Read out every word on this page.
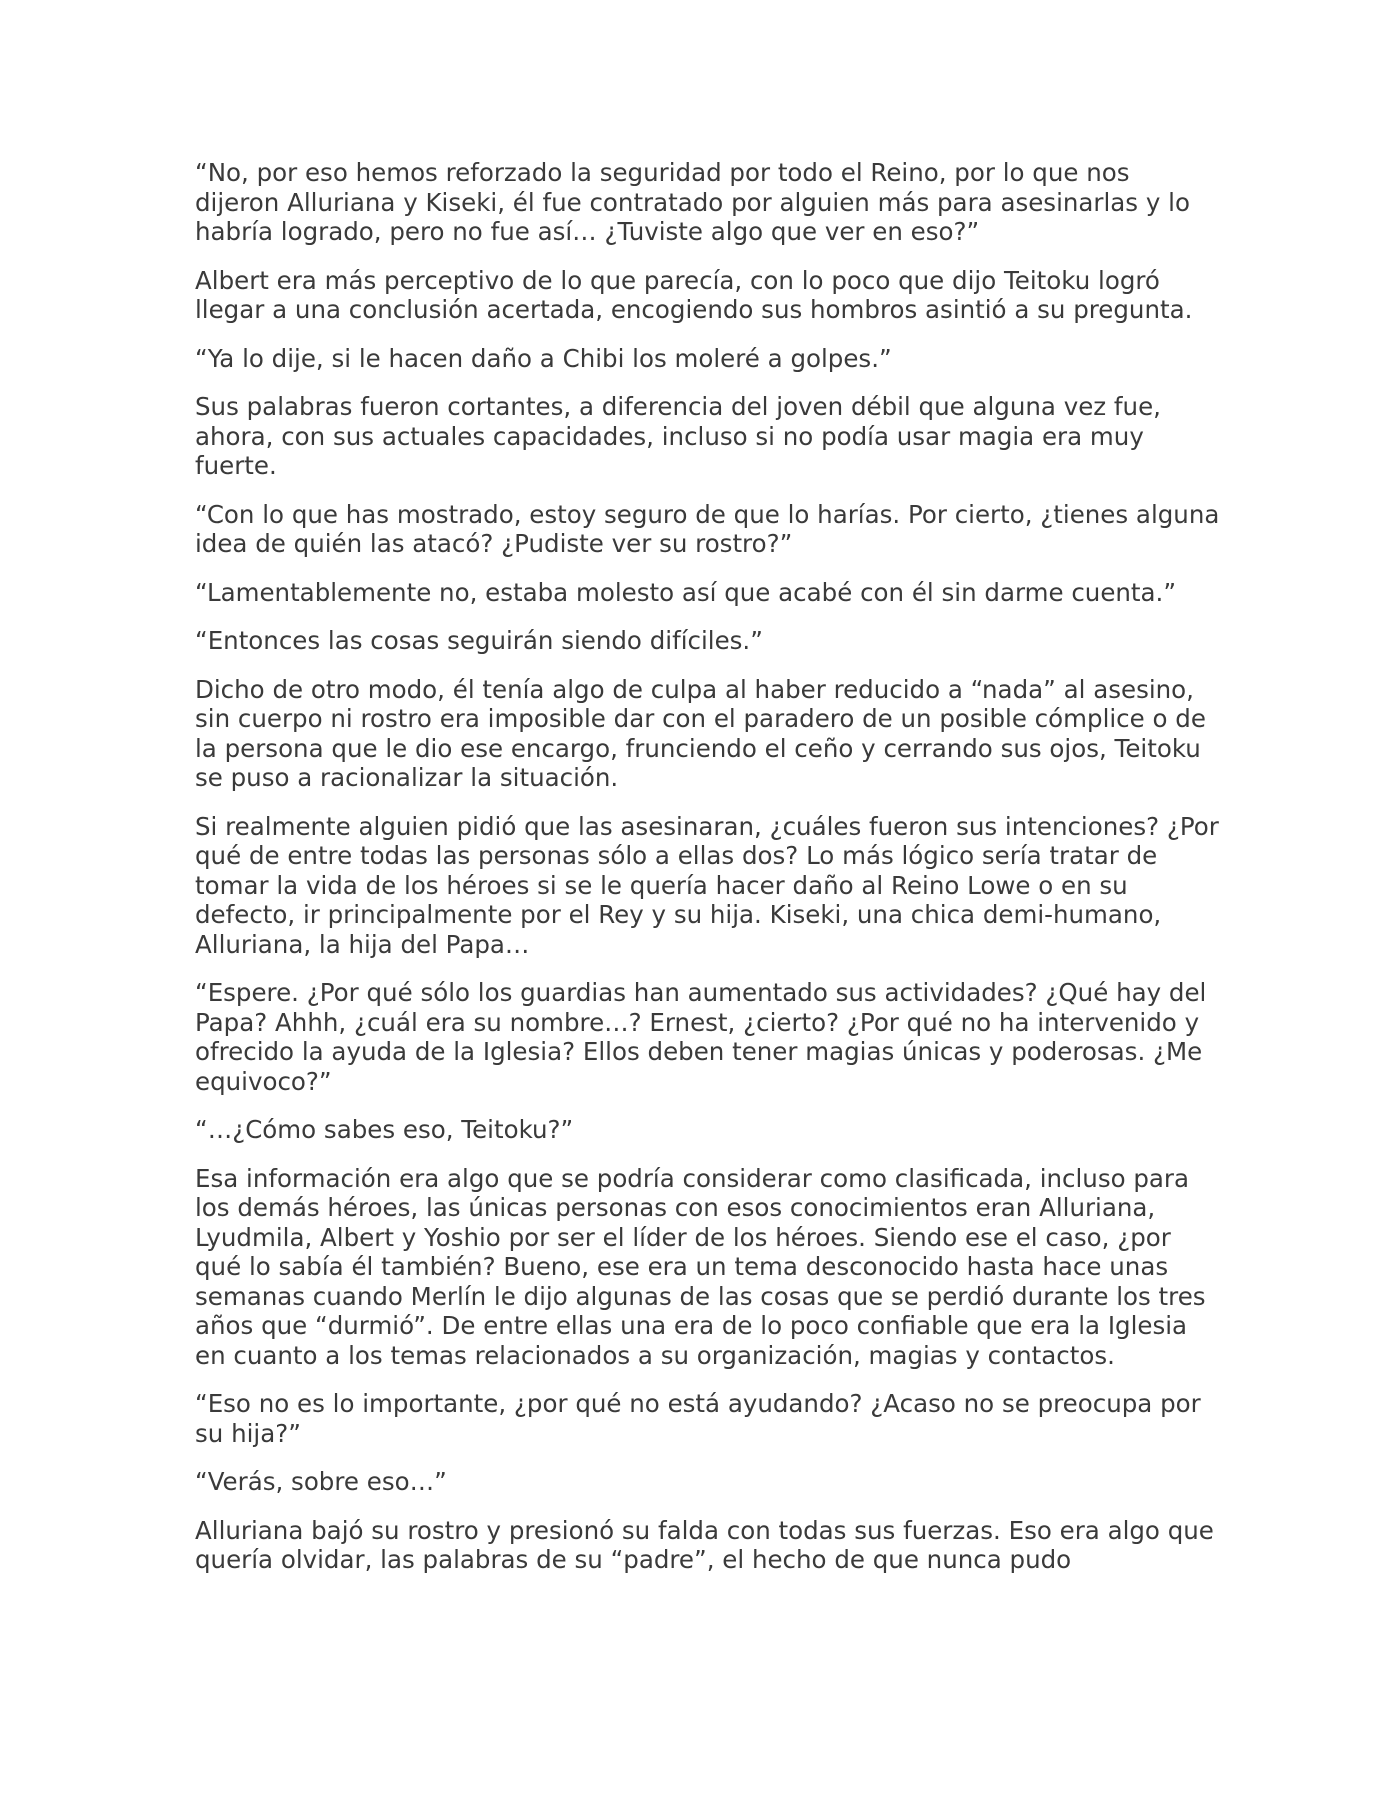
“No, por eso hemos reforzado la seguridad por todo el Reino, por lo que nos dijeron Alluriana y Kiseki, él fue contratado por alguien más para asesinarlas y lo habría logrado, pero no fue así… ¿Tuviste algo que ver en eso?”

Albert era más perceptivo de lo que parecía, con lo poco que dijo Teitoku logró llegar a una conclusión acertada, encogiendo sus hombros asintió a su pregunta.

“Ya lo dije, si le hacen daño a Chibi los moleré a golpes.”

Sus palabras fueron cortantes, a diferencia del joven débil que alguna vez fue, ahora, con sus actuales capacidades, incluso si no podía usar magia era muy fuerte.

“Con lo que has mostrado, estoy seguro de que lo harías. Por cierto, ¿tienes alguna idea de quién las atacó? ¿Pudiste ver su rostro?”

“Lamentablemente no, estaba molesto así que acabé con él sin darme cuenta.”

“Entonces las cosas seguirán siendo difíciles.”

Dicho de otro modo, él tenía algo de culpa al haber reducido a “nada” al asesino, sin cuerpo ni rostro era imposible dar con el paradero de un posible cómplice o de la persona que le dio ese encargo, frunciendo el ceño y cerrando sus ojos, Teitoku se puso a racionalizar la situación.

Si realmente alguien pidió que las asesinaran, ¿cuáles fueron sus intenciones? ¿Por qué de entre todas las personas sólo a ellas dos? Lo más lógico sería tratar de tomar la vida de los héroes si se le quería hacer daño al Reino Lowe o en su defecto, ir principalmente por el Rey y su hija. Kiseki, una chica demi-humano, Alluriana, la hija del Papa…

“Espere. ¿Por qué sólo los guardias han aumentado sus actividades? ¿Qué hay del Papa? Ahhh, ¿cuál era su nombre…? Ernest, ¿cierto? ¿Por qué no ha intervenido y ofrecido la ayuda de la Iglesia? Ellos deben tener magias únicas y poderosas. ¿Me equivoco?”

“…¿Cómo sabes eso, Teitoku?”

Esa información era algo que se podría considerar como clasificada, incluso para los demás héroes, las únicas personas con esos conocimientos eran Alluriana, Lyudmila, Albert y Yoshio por ser el líder de los héroes. Siendo ese el caso, ¿por qué lo sabía él también? Bueno, ese era un tema desconocido hasta hace unas semanas cuando Merlín le dijo algunas de las cosas que se perdió durante los tres años que “durmió”. De entre ellas una era de lo poco confiable que era la Iglesia en cuanto a los temas relacionados a su organización, magias y contactos.

“Eso no es lo importante, ¿por qué no está ayudando? ¿Acaso no se preocupa por su hija?”

“Verás, sobre eso…”

Alluriana bajó su rostro y presionó su falda con todas sus fuerzas. Eso era algo que quería olvidar, las palabras de su “padre”, el hecho de que nunca pudo
